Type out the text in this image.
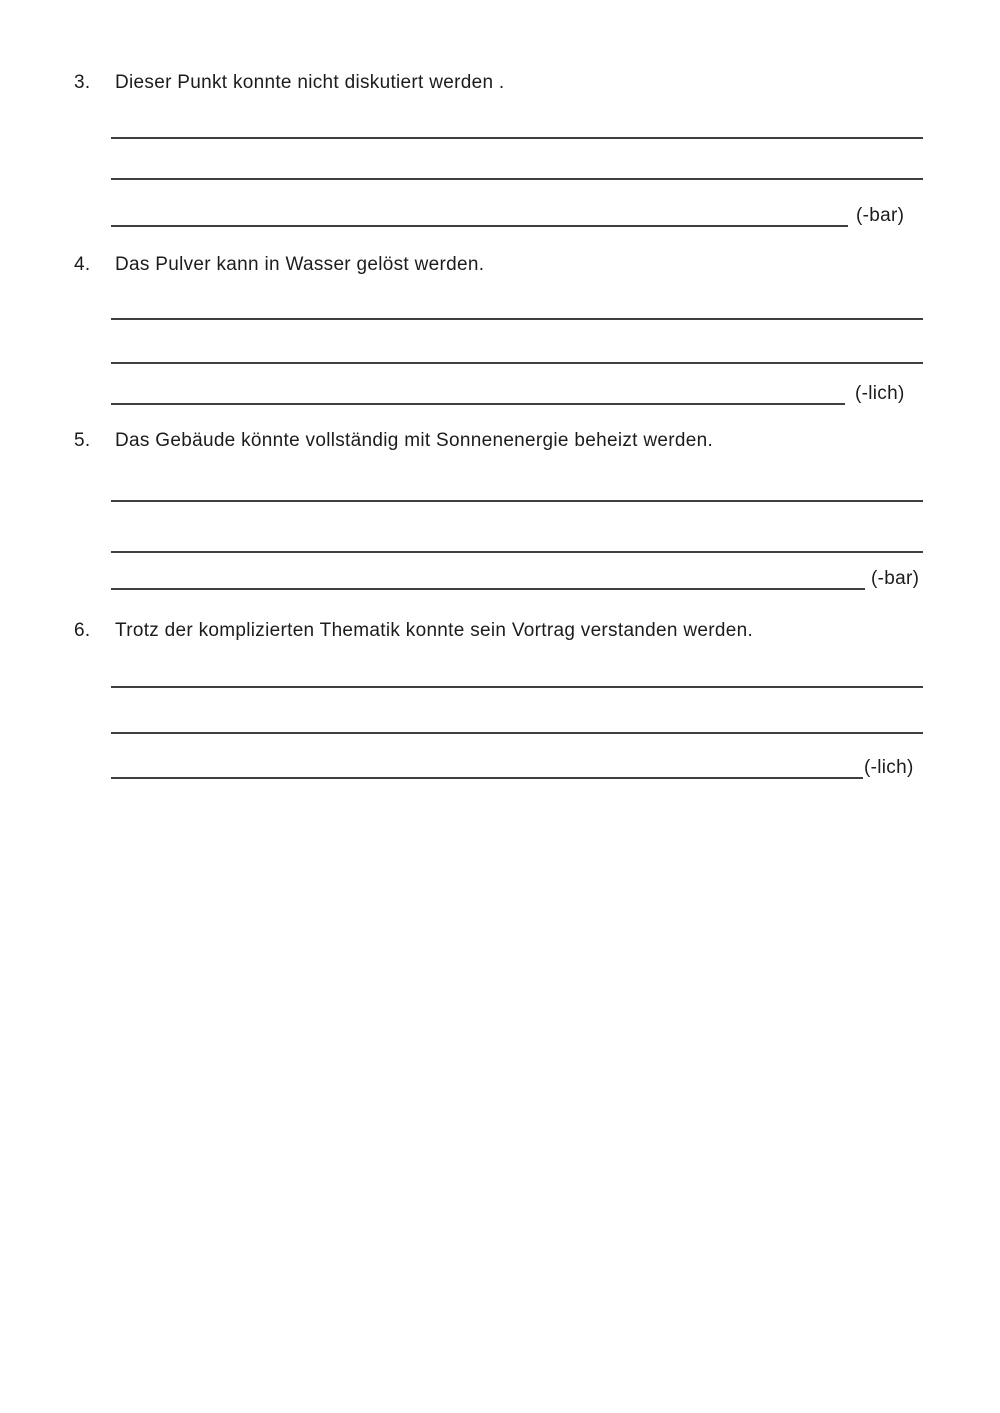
3. Dieser Punkt konnte nicht diskutiert werden .
(-bar)
4. Das Pulver kann in Wasser gelöst werden.
(-lich)
5. Das Gebäude könnte vollständig mit Sonnenenergie beheizt werden.
(-bar)
6. Trotz der komplizierten Thematik konnte sein Vortrag verstanden werden.
(-lich)
